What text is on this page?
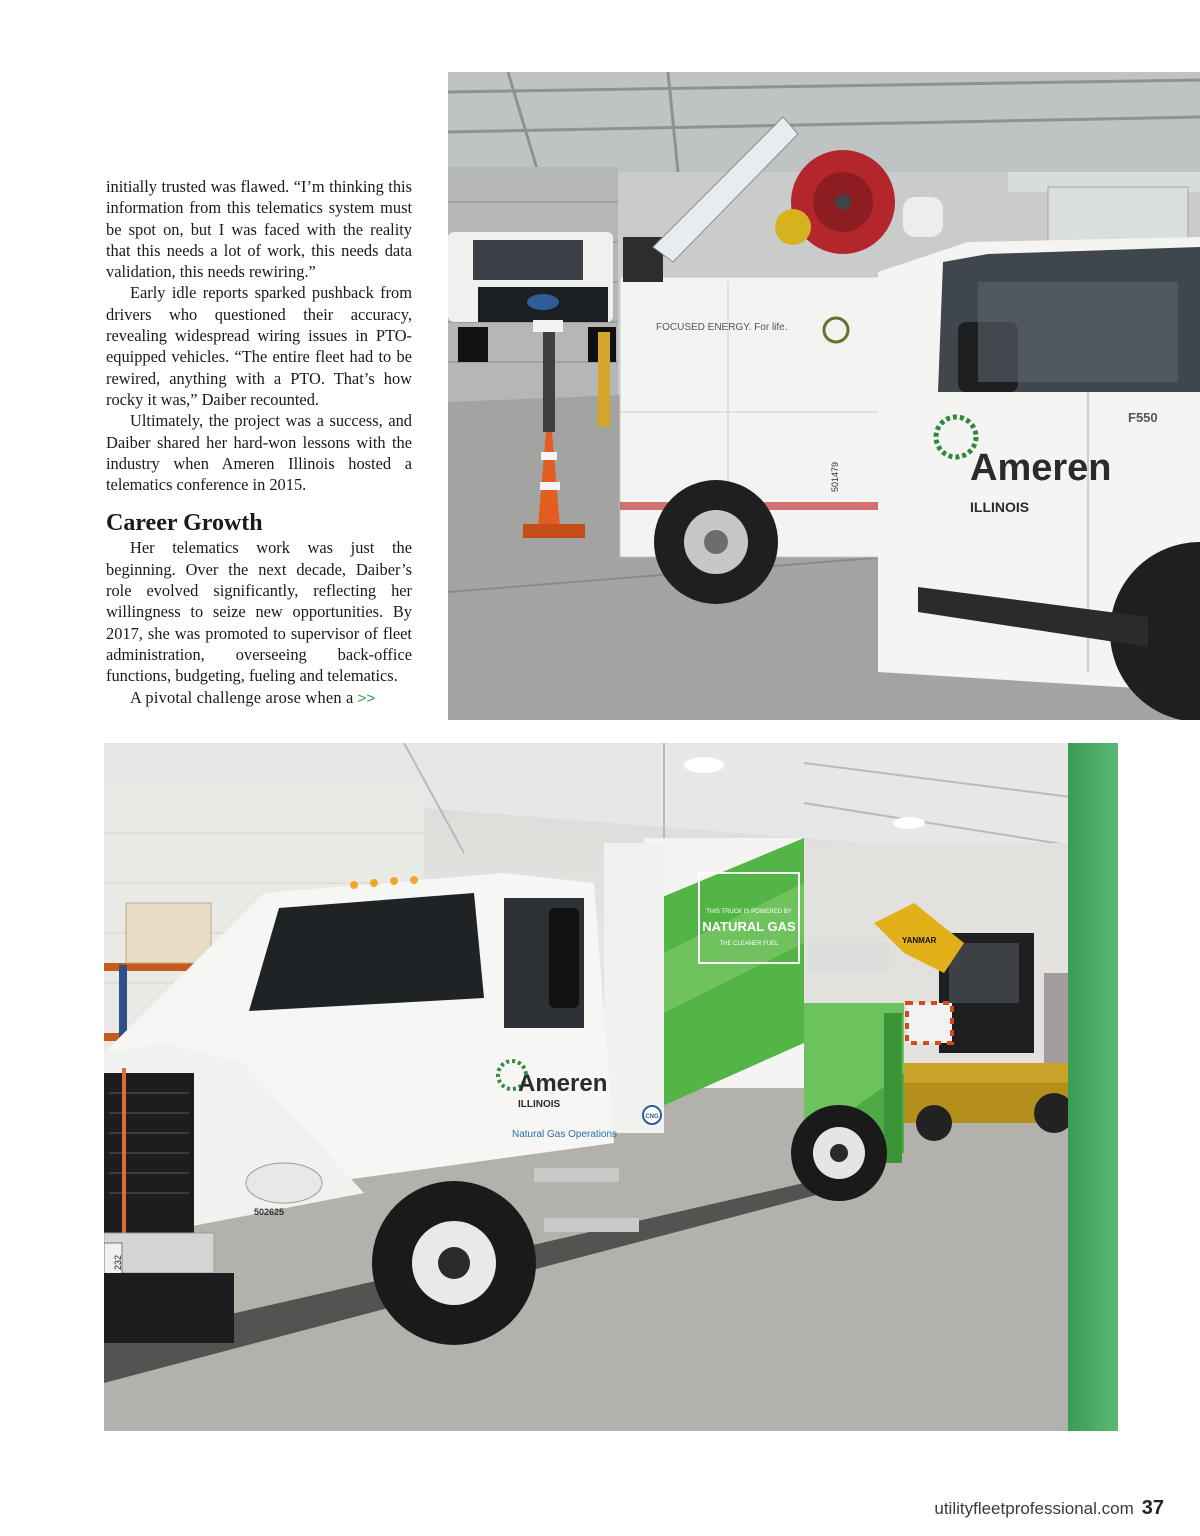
initially trusted was flawed. “I’m thinking this information from this telematics system must be spot on, but I was faced with the reality that this needs a lot of work, this needs data validation, this needs rewiring.”

Early idle reports sparked pushback from drivers who questioned their accuracy, revealing widespread wiring issues in PTO-equipped vehicles. “The entire fleet had to be rewired, anything with a PTO. That’s how rocky it was,” Daiber recounted.

Ultimately, the project was a success, and Daiber shared her hard-won lessons with the industry when Ameren Illinois hosted a telematics conference in 2015.

Career Growth

Her telematics work was just the beginning. Over the next decade, Daiber’s role evolved significantly, reflecting her willingness to seize new opportunities. By 2017, she was promoted to supervisor of fleet administration, overseeing back-office functions, budgeting, fueling and telematics.

A pivotal challenge arose when a >>

FOCUSED ENERGY. For life.
501479
F550
Ameren
ILLINOIS
YANMAR
THIS TRUCK IS POWERED BY
NATURAL GAS
THE CLEANER FUEL
Ameren
ILLINOIS
Natural Gas Operations
CNG
502625
232
utilityfleetprofessional.com 37
